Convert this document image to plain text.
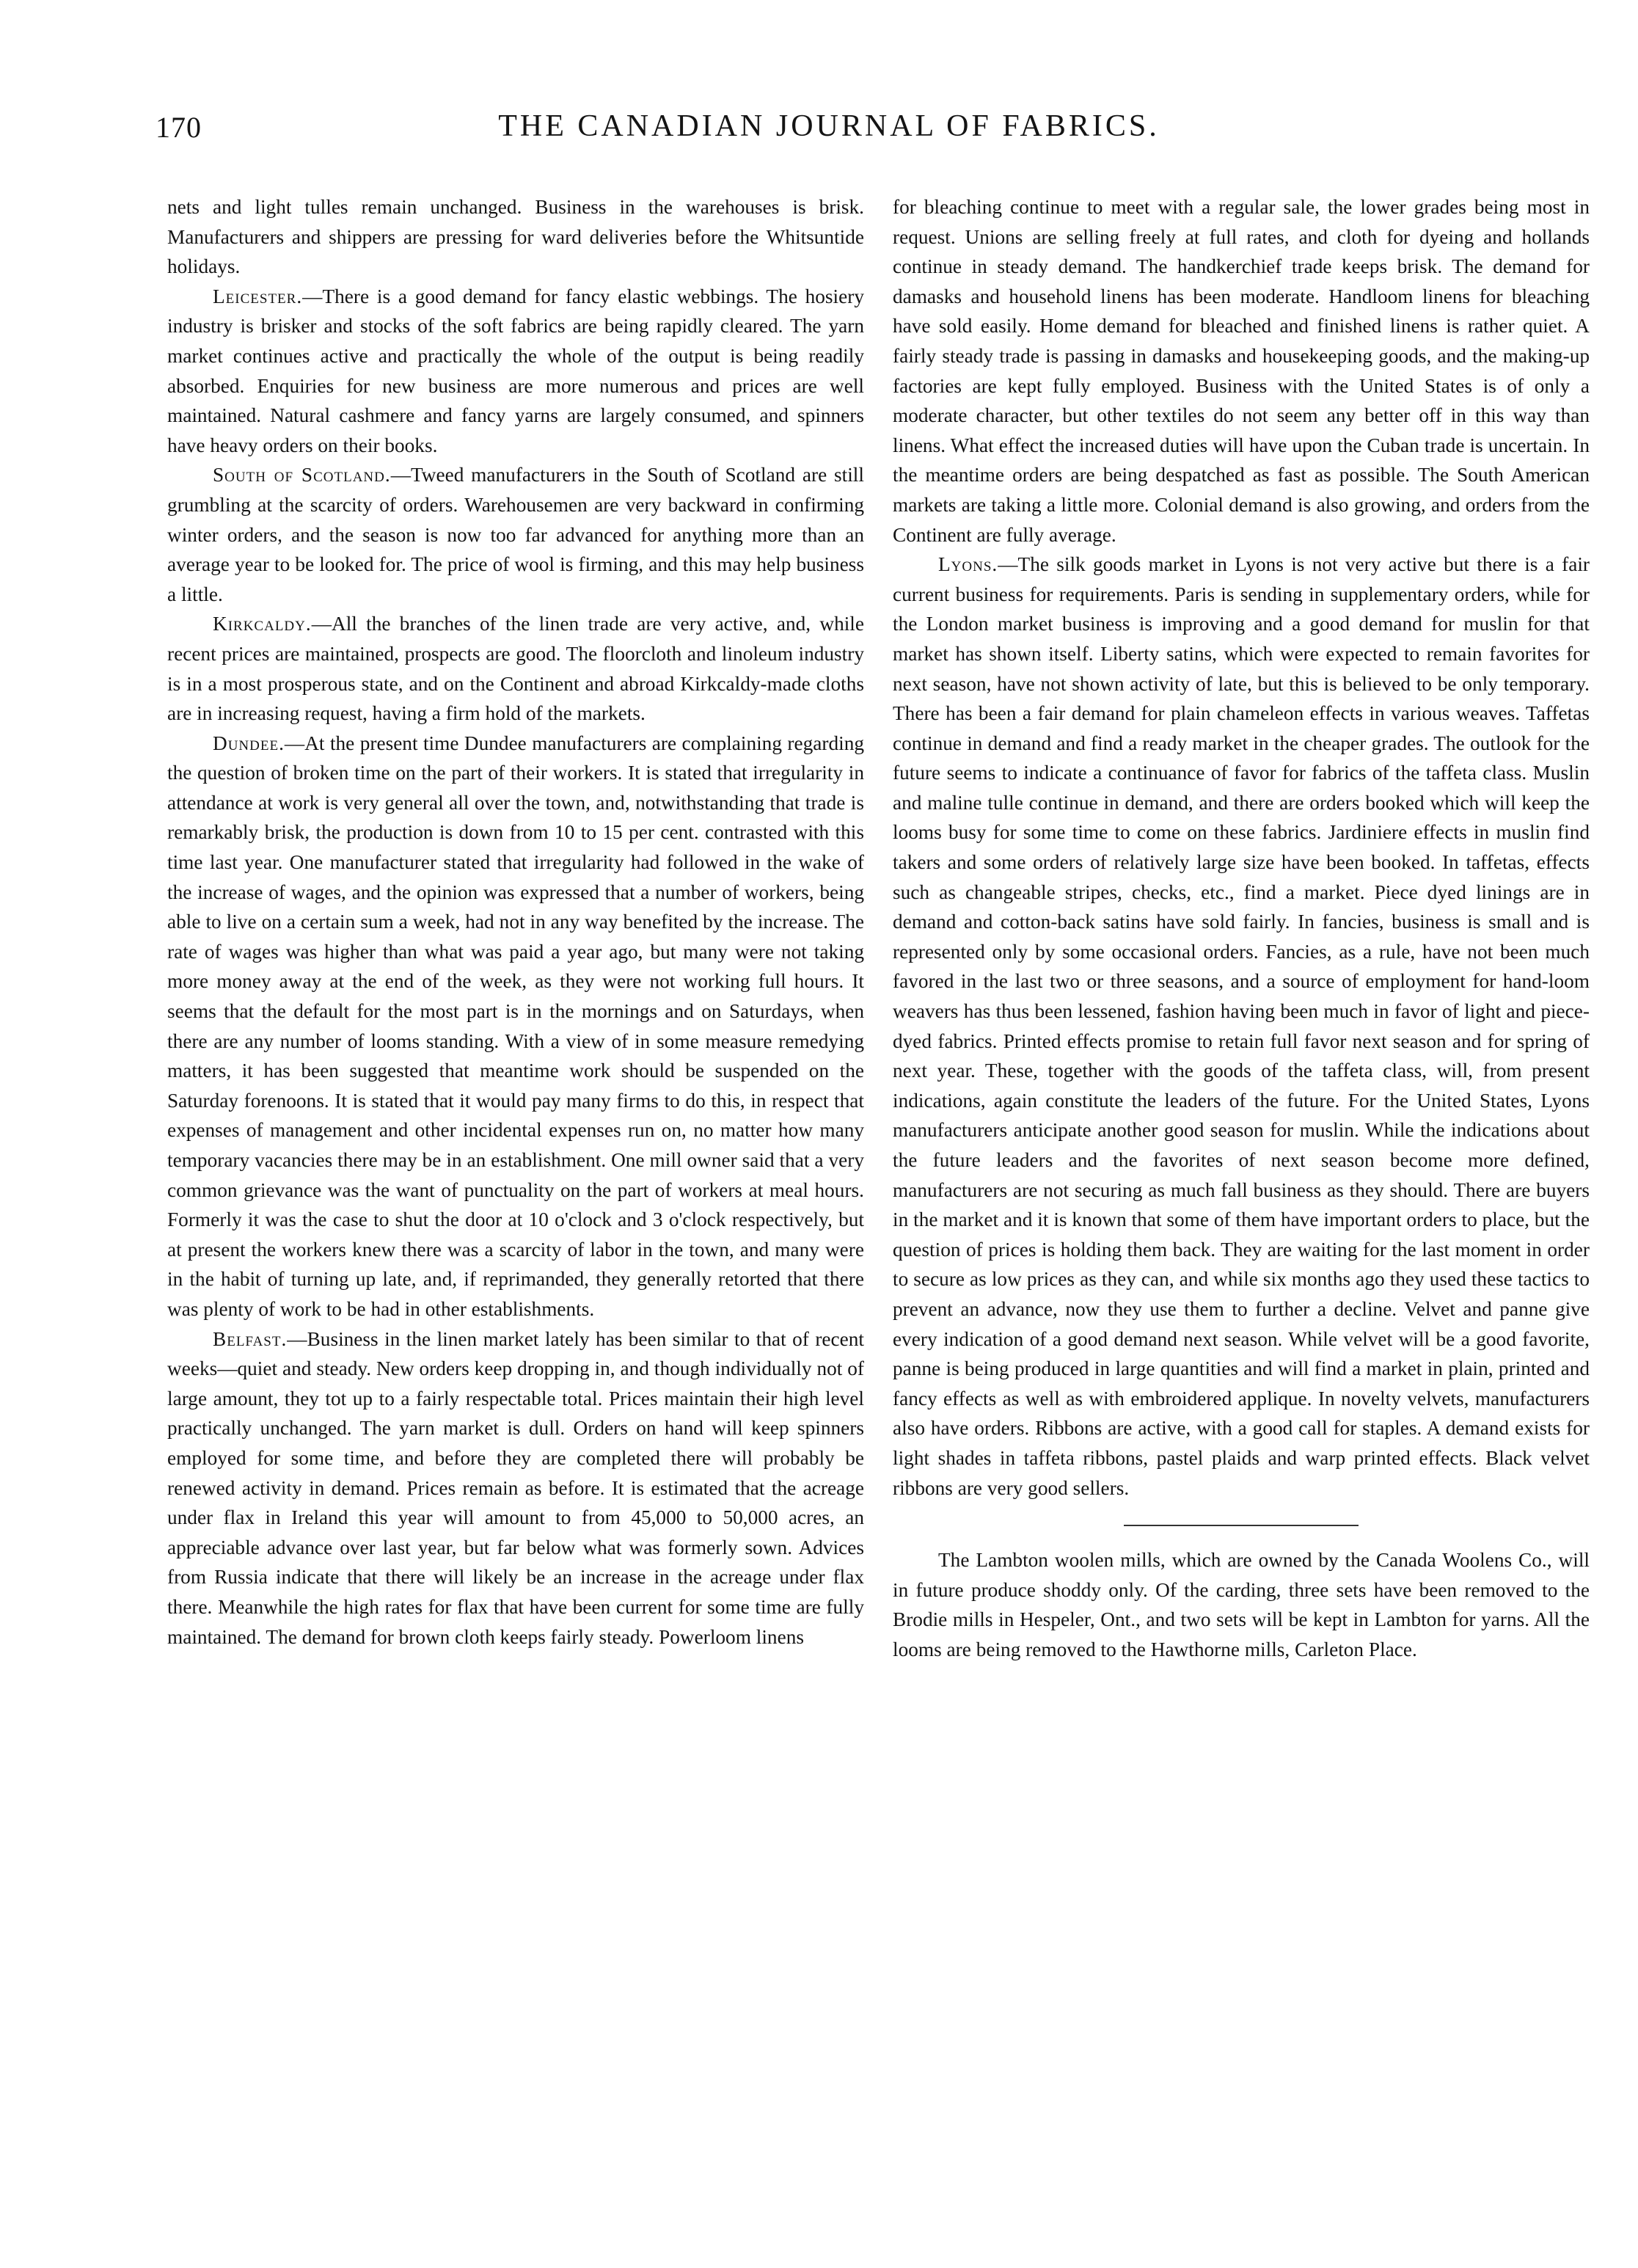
170	THE CANADIAN JOURNAL OF FABRICS.

nets and light tulles remain unchanged. Business in the warehouses is brisk. Manufacturers and shippers are pressing for ward deliveries before the Whitsuntide holidays.

Leicester.—There is a good demand for fancy elastic webbings. The hosiery industry is brisker and stocks of the soft fabrics are being rapidly cleared. The yarn market continues active and practically the whole of the output is being readily absorbed. Enquiries for new business are more numerous and prices are well maintained. Natural cashmere and fancy yarns are largely consumed, and spinners have heavy orders on their books.

South of Scotland.—Tweed manufacturers in the South of Scotland are still grumbling at the scarcity of orders. Warehousemen are very backward in confirming winter orders, and the season is now too far advanced for anything more than an average year to be looked for. The price of wool is firming, and this may help business a little.

Kirkcaldy.—All the branches of the linen trade are very active, and, while recent prices are maintained, prospects are good. The floorcloth and linoleum industry is in a most prosperous state, and on the Continent and abroad Kirkcaldy-made cloths are in increasing request, having a firm hold of the markets.

Dundee.—At the present time Dundee manufacturers are complaining regarding the question of broken time on the part of their workers. It is stated that irregularity in attendance at work is very general all over the town, and, notwithstanding that trade is remarkably brisk, the production is down from 10 to 15 per cent. contrasted with this time last year. One manufacturer stated that irregularity had followed in the wake of the increase of wages, and the opinion was expressed that a number of workers, being able to live on a certain sum a week, had not in any way benefited by the increase. The rate of wages was higher than what was paid a year ago, but many were not taking more money away at the end of the week, as they were not working full hours. It seems that the default for the most part is in the mornings and on Saturdays, when there are any number of looms standing. With a view of in some measure remedying matters, it has been suggested that meantime work should be suspended on the Saturday forenoons. It is stated that it would pay many firms to do this, in respect that expenses of management and other incidental expenses run on, no matter how many temporary vacancies there may be in an establishment. One mill owner said that a very common grievance was the want of punctuality on the part of workers at meal hours. Formerly it was the case to shut the door at 10 o'clock and 3 o'clock respectively, but at present the workers knew there was a scarcity of labor in the town, and many were in the habit of turning up late, and, if reprimanded, they generally retorted that there was plenty of work to be had in other establishments.

Belfast.—Business in the linen market lately has been similar to that of recent weeks—quiet and steady. New orders keep dropping in, and though individually not of large amount, they tot up to a fairly respectable total. Prices maintain their high level practically unchanged. The yarn market is dull. Orders on hand will keep spinners employed for some time, and before they are completed there will probably be renewed activity in demand. Prices remain as before. It is estimated that the acreage under flax in Ireland this year will amount to from 45,000 to 50,000 acres, an appreciable advance over last year, but far below what was formerly sown. Advices from Russia indicate that there will likely be an increase in the acreage under flax there. Meanwhile the high rates for flax that have been current for some time are fully maintained. The demand for brown cloth keeps fairly steady. Powerloom linens

for bleaching continue to meet with a regular sale, the lower grades being most in request. Unions are selling freely at full rates, and cloth for dyeing and hollands continue in steady demand. The handkerchief trade keeps brisk. The demand for damasks and household linens has been moderate. Handloom linens for bleaching have sold easily. Home demand for bleached and finished linens is rather quiet. A fairly steady trade is passing in damasks and housekeeping goods, and the making-up factories are kept fully employed. Business with the United States is of only a moderate character, but other textiles do not seem any better off in this way than linens. What effect the increased duties will have upon the Cuban trade is uncertain. In the meantime orders are being despatched as fast as possible. The South American markets are taking a little more. Colonial demand is also growing, and orders from the Continent are fully average.

Lyons.—The silk goods market in Lyons is not very active but there is a fair current business for requirements. Paris is sending in supplementary orders, while for the London market business is improving and a good demand for muslin for that market has shown itself. Liberty satins, which were expected to remain favorites for next season, have not shown activity of late, but this is believed to be only temporary. There has been a fair demand for plain chameleon effects in various weaves. Taffetas continue in demand and find a ready market in the cheaper grades. The outlook for the future seems to indicate a continuance of favor for fabrics of the taffeta class. Muslin and maline tulle continue in demand, and there are orders booked which will keep the looms busy for some time to come on these fabrics. Jardiniere effects in muslin find takers and some orders of relatively large size have been booked. In taffetas, effects such as changeable stripes, checks, etc., find a market. Piece dyed linings are in demand and cotton-back satins have sold fairly. In fancies, business is small and is represented only by some occasional orders. Fancies, as a rule, have not been much favored in the last two or three seasons, and a source of employment for hand-loom weavers has thus been lessened, fashion having been much in favor of light and piece-dyed fabrics. Printed effects promise to retain full favor next season and for spring of next year. These, together with the goods of the taffeta class, will, from present indications, again constitute the leaders of the future. For the United States, Lyons manufacturers anticipate another good season for muslin. While the indications about the future leaders and the favorites of next season become more defined, manufacturers are not securing as much fall business as they should. There are buyers in the market and it is known that some of them have important orders to place, but the question of prices is holding them back. They are waiting for the last moment in order to secure as low prices as they can, and while six months ago they used these tactics to prevent an advance, now they use them to further a decline. Velvet and panne give every indication of a good demand next season. While velvet will be a good favorite, panne is being produced in large quantities and will find a market in plain, printed and fancy effects as well as with embroidered applique. In novelty velvets, manufacturers also have orders. Ribbons are active, with a good call for staples. A demand exists for light shades in taffeta ribbons, pastel plaids and warp printed effects. Black velvet ribbons are very good sellers.

The Lambton woolen mills, which are owned by the Canada Woolens Co., will in future produce shoddy only. Of the carding, three sets have been removed to the Brodie mills in Hespeler, Ont., and two sets will be kept in Lambton for yarns. All the looms are being removed to the Hawthorne mills, Carleton Place.
